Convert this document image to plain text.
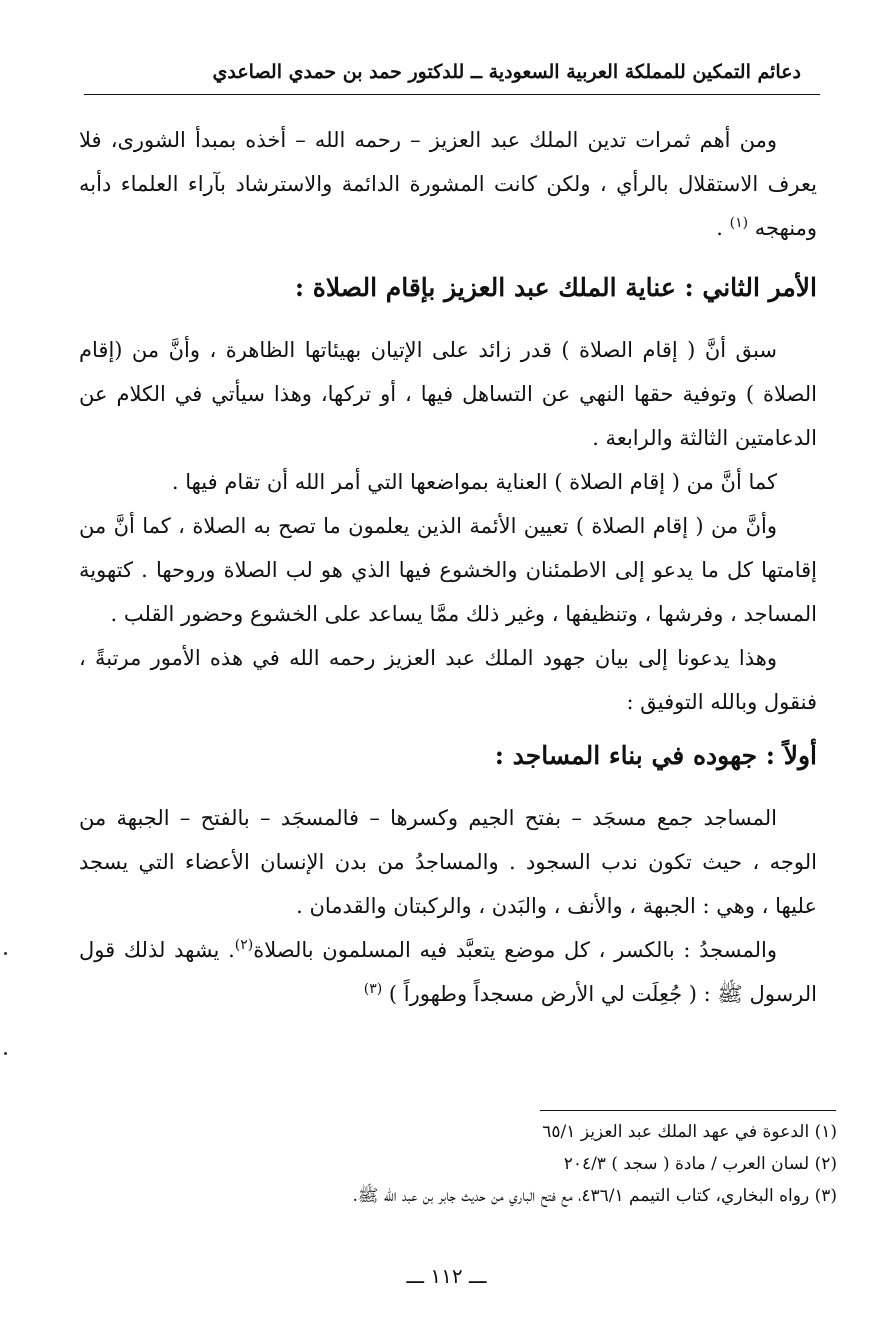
دعائم التمكين للمملكة العربية السعودية ــ للدكتور حمد بن حمدي الصاعدي

ومن أهم ثمرات تدين الملك عبد العزيز – رحمه الله – أخذه بمبدأ الشورى، فلا يعرف الاستقلال بالرأي ، ولكن كانت المشورة الدائمة والاسترشاد بآراء العلماء دأبه ومنهجه $^{(١)}$ .

الأمر الثاني : عناية الملك عبد العزيز بإقام الصلاة :

سبق أنَّ ( إقام الصلاة ) قدر زائد على الإتيان بهيئاتها الظاهرة ، وأنَّ من (إقام الصلاة ) وتوفية حقها النهي عن التساهل فيها ، أو تركها، وهذا سيأتي في الكلام عن الدعامتين الثالثة والرابعة .

كما أنَّ من ( إقام الصلاة ) العناية بمواضعها التي أمر الله أن تقام فيها .

وأنَّ من ( إقام الصلاة ) تعيين الأئمة الذين يعلمون ما تصح به الصلاة ، كما أنَّ من إقامتها كل ما يدعو إلى الاطمئنان والخشوع فيها الذي هو لب الصلاة وروحها . كتهوية المساجد ، وفرشها ، وتنظيفها ، وغير ذلك ممَّا يساعد على الخشوع وحضور القلب .

وهذا يدعونا إلى بيان جهود الملك عبد العزيز رحمه الله في هذه الأمور مرتبةً ، فنقول وبالله التوفيق :

أولاً : جهوده في بناء المساجد :

المساجد جمع مسجَد – بفتح الجيم وكسرها – فالمسجَد – بالفتح – الجبهة من الوجه ، حيث تكون ندب السجود . والمساجدُ من بدن الإنسان الأعضاء التي يسجد عليها ، وهي : الجبهة ، والأنف ، والبَدن ، والركبتان والقدمان .

والمسجدُ : بالكسر ، كل موضع يتعبَّد فيه المسلمون بالصلاة$^{(٢)}$. يشهد لذلك قول الرسول ﷺ : ( جُعِلَت لي الأرض مسجداً وطهوراً ) $^{(٣)}$

(١) الدعوة في عهد الملك عبد العزيز ٦٥/١
(٢) لسان العرب / مادة ( سجد ) ٢٠٤/٣
(٣) رواه البخاري، كتاب التيمم ٤٣٦/١، مع فتح الباري من حديث جابر بن عبد الله ﷺ.
ـــ ١١٢ ـــ
